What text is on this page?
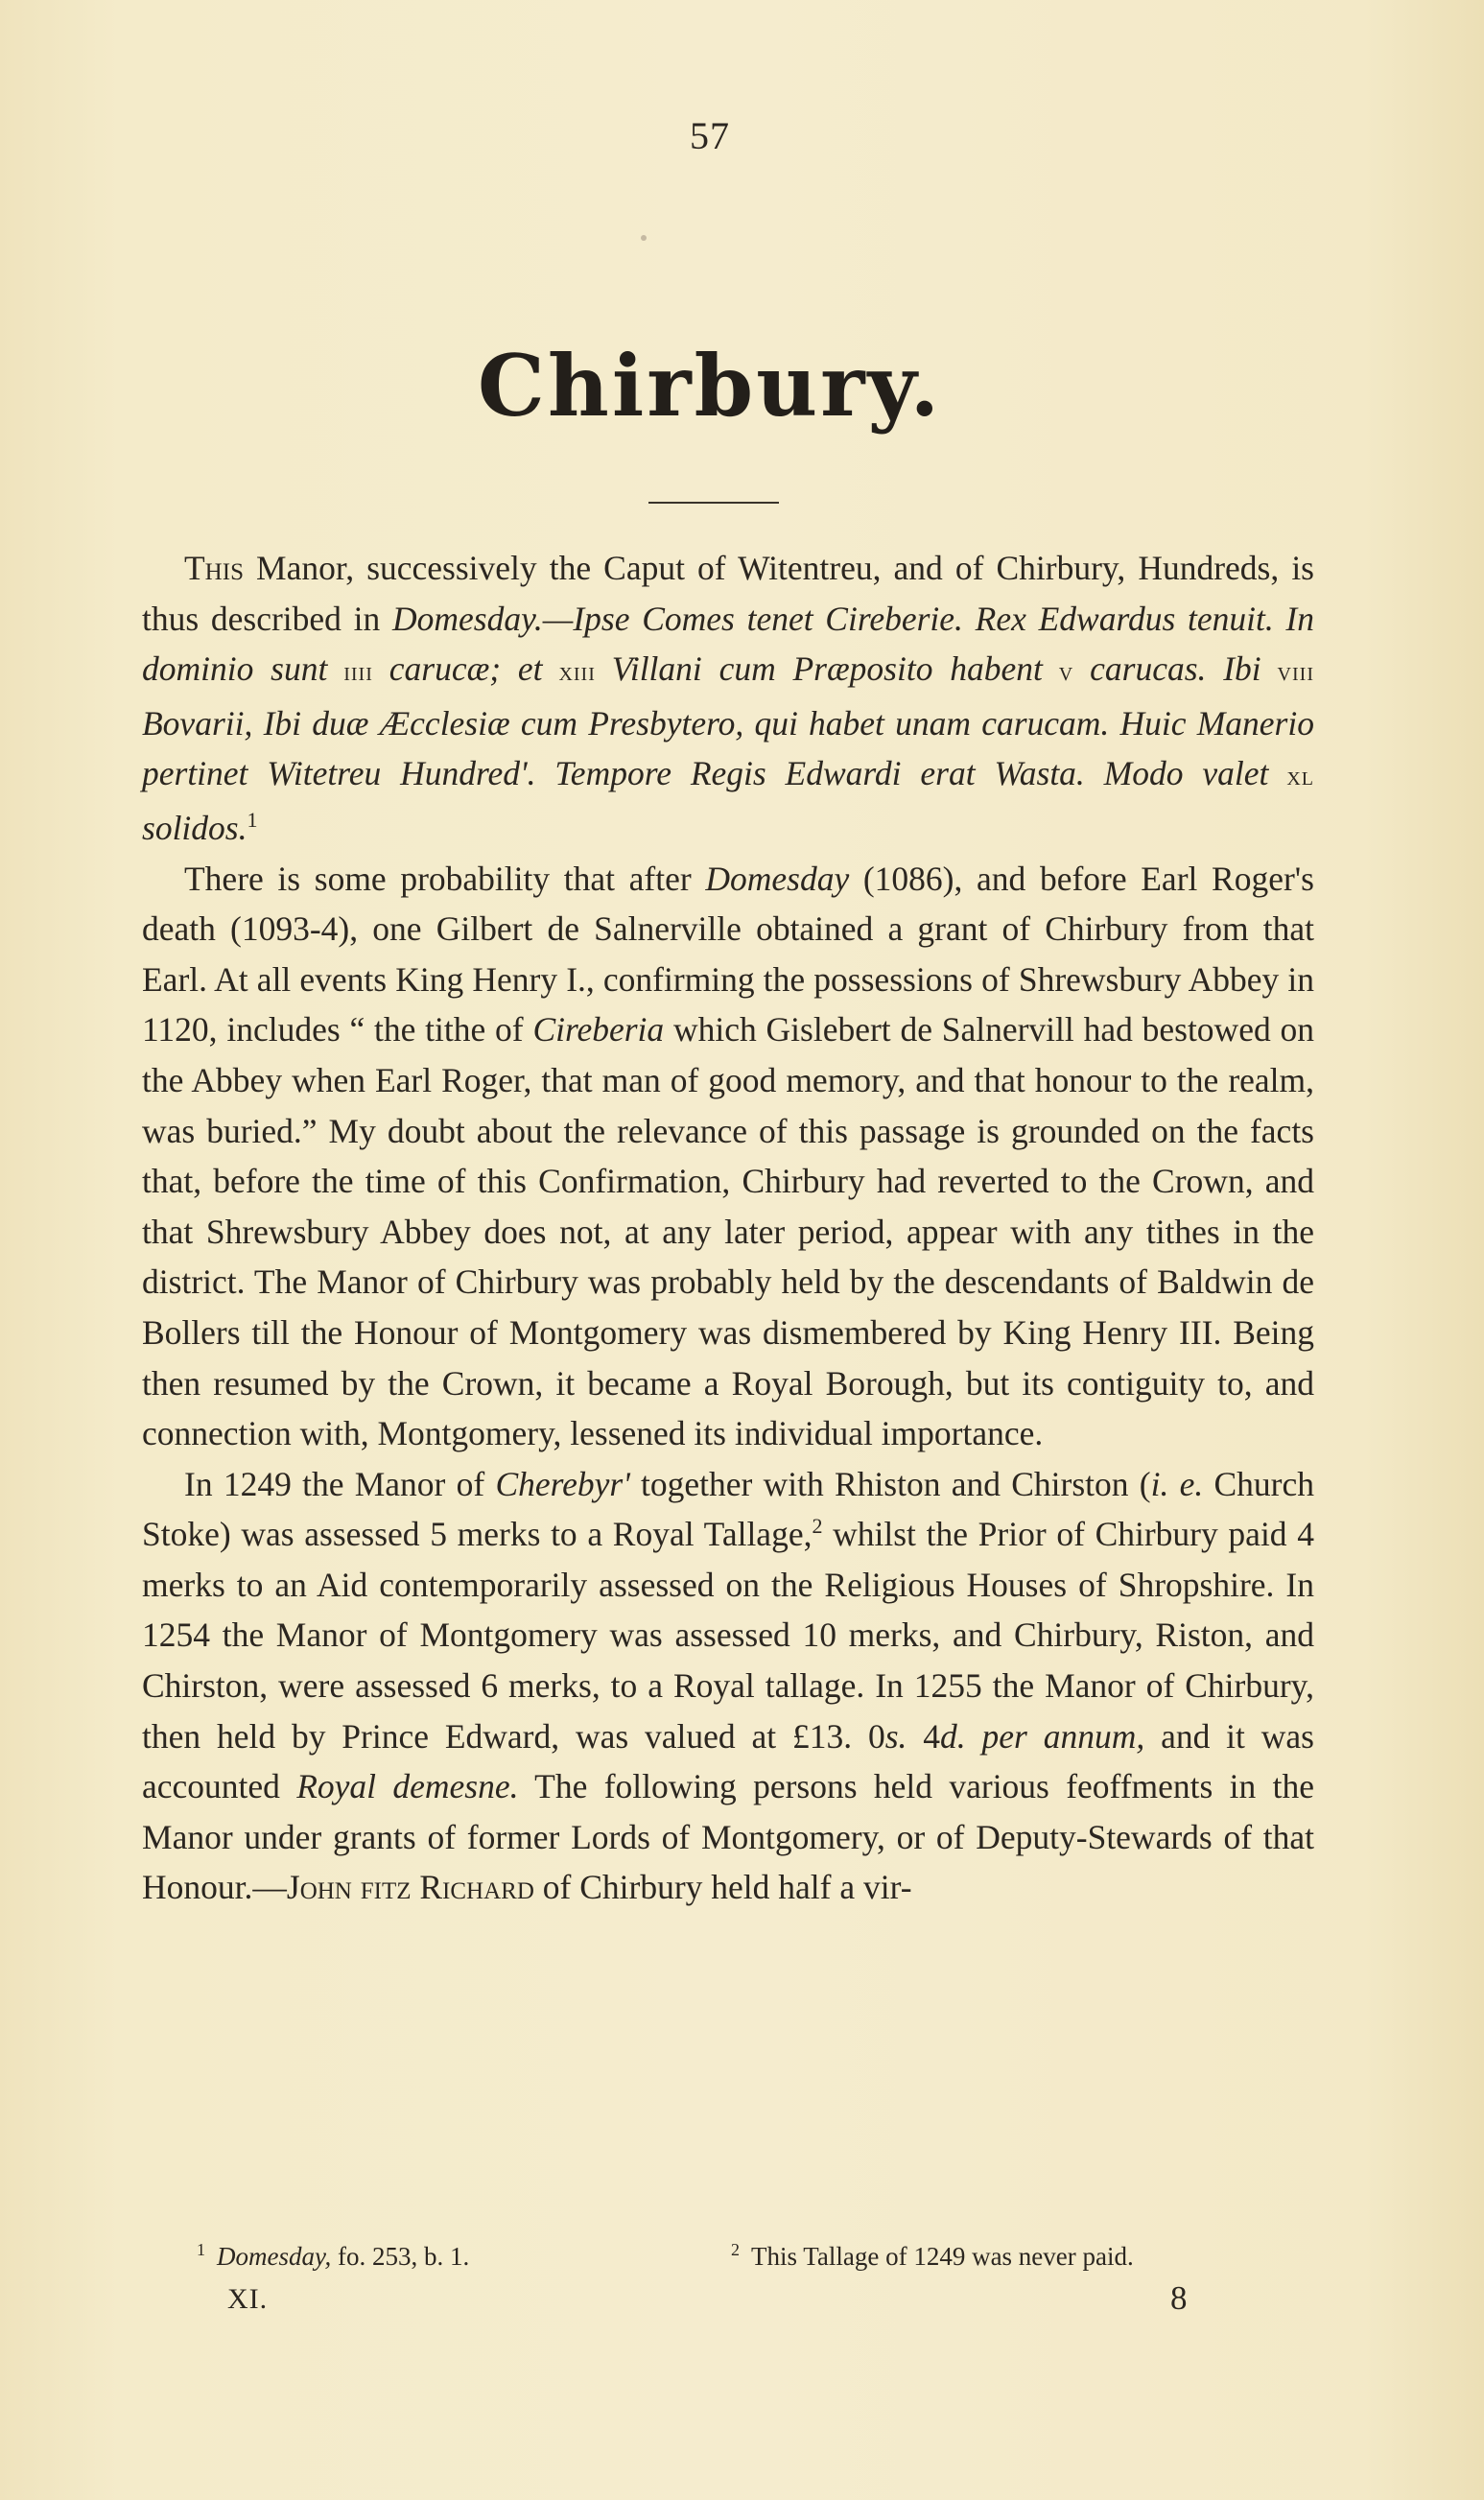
57
Chirbury.

This Manor, successively the Caput of Witentreu, and of Chirbury, Hundreds, is thus described in Domesday.—Ipse Comes tenet Cireberie. Rex Edwardus tenuit. In dominio sunt iiii carucæ; et xiii Villani cum Præposito habent v carucas. Ibi viii Bovarii, Ibi duæ Æcclesiæ cum Presbytero, qui habet unam carucam. Huic Manerio pertinet Witetreu Hundred'. Tempore Regis Edwardi erat Wasta. Modo valet xl solidos.$^1$

There is some probability that after Domesday (1086), and before Earl Roger's death (1093-4), one Gilbert de Salnerville obtained a grant of Chirbury from that Earl. At all events King Henry I., confirming the possessions of Shrewsbury Abbey in 1120, includes “ the tithe of Cireberia which Gislebert de Salnervill had bestowed on the Abbey when Earl Roger, that man of good memory, and that honour to the realm, was buried.” My doubt about the relevance of this passage is grounded on the facts that, before the time of this Confirmation, Chirbury had reverted to the Crown, and that Shrewsbury Abbey does not, at any later period, appear with any tithes in the district. The Manor of Chirbury was probably held by the descendants of Baldwin de Bollers till the Honour of Montgomery was dismembered by King Henry III. Being then resumed by the Crown, it became a Royal Borough, but its contiguity to, and connection with, Montgomery, lessened its individual importance.

In 1249 the Manor of Cherebyr' together with Rhiston and Chirston (i. e. Church Stoke) was assessed 5 merks to a Royal Tallage,$^2$ whilst the Prior of Chirbury paid 4 merks to an Aid contemporarily assessed on the Religious Houses of Shropshire. In 1254 the Manor of Montgomery was assessed 10 merks, and Chirbury, Riston, and Chirston, were assessed 6 merks, to a Royal tallage. In 1255 the Manor of Chirbury, then held by Prince Edward, was valued at £13. 0s. 4d. per annum, and it was accounted Royal demesne. The following persons held various feoffments in the Manor under grants of former Lords of Montgomery, or of Deputy-Stewards of that Honour.—John fitz Richard of Chirbury held half a vir-

$^1$ Domesday, fo. 253, b. 1.	$^2$ This Tallage of 1249 was never paid.
XI.	8
